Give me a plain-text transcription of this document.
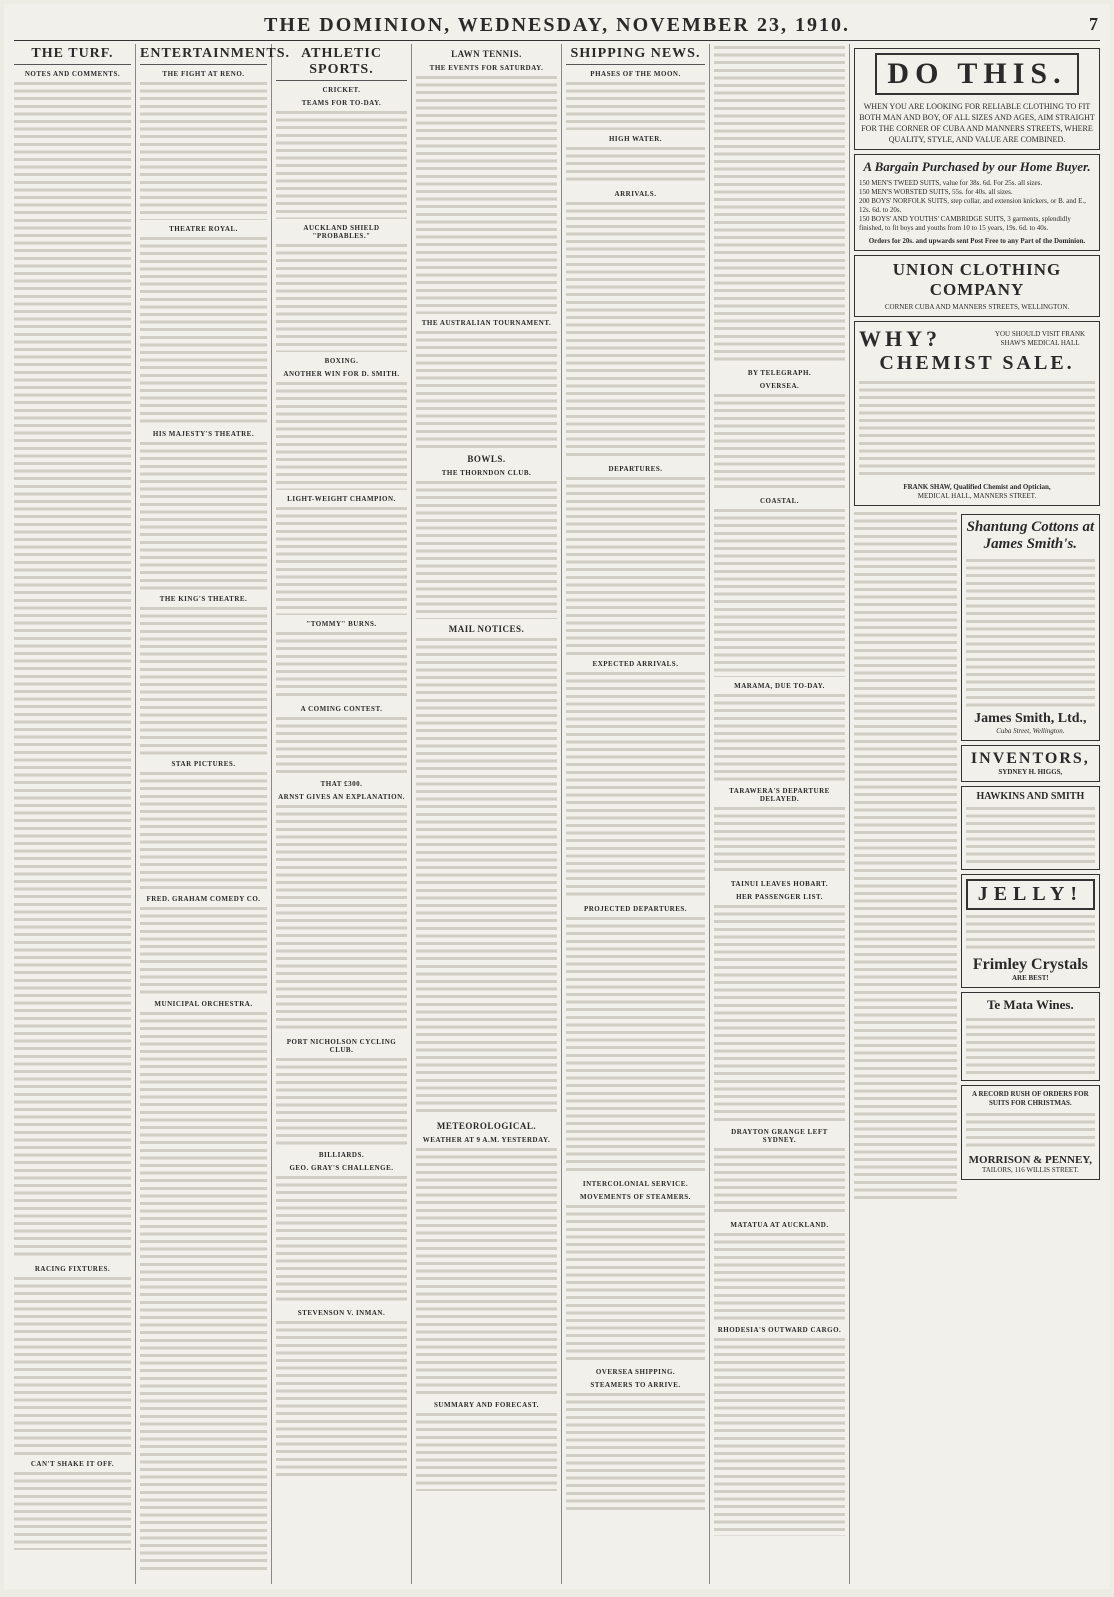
THE DOMINION, WEDNESDAY, NOVEMBER 23, 1910.	7
THE TURF.
NOTES AND COMMENTS.
RACING FIXTURES.
CAN'T SHAKE IT OFF.
ENTERTAINMENTS.
THE FIGHT AT RENO.
THEATRE ROYAL.
HIS MAJESTY'S THEATRE.
THE KING'S THEATRE.
STAR PICTURES.
FRED. GRAHAM COMEDY CO.
MUNICIPAL ORCHESTRA.
ATHLETIC SPORTS.
CRICKET.
TEAMS FOR TO-DAY.
AUCKLAND SHIELD "PROBABLES."
BOXING.
ANOTHER WIN FOR D. SMITH.
LIGHT-WEIGHT CHAMPION.
"TOMMY" BURNS.
A COMING CONTEST.
THAT £300.
ARNST GIVES AN EXPLANATION.
PORT NICHOLSON CYCLING CLUB.
BILLIARDS.
GEO. GRAY'S CHALLENGE.
STEVENSON V. INMAN.
LAWN TENNIS.
THE EVENTS FOR SATURDAY.
THE AUSTRALIAN TOURNAMENT.
BOWLS.
THE THORNDON CLUB.
MAIL NOTICES.
METEOROLOGICAL.
WEATHER AT 9 A.M. YESTERDAY.
SUMMARY AND FORECAST.
SHIPPING NEWS.
PHASES OF THE MOON.
HIGH WATER.
ARRIVALS.
DEPARTURES.
EXPECTED ARRIVALS.
PROJECTED DEPARTURES.
INTERCOLONIAL SERVICE.
MOVEMENTS OF STEAMERS.
OVERSEA SHIPPING.
STEAMERS TO ARRIVE.
BY TELEGRAPH.
OVERSEA.
COASTAL.
MARAMA, DUE TO-DAY.
TARAWERA'S DEPARTURE DELAYED.
TAINUI LEAVES HOBART.
HER PASSENGER LIST.
DRAYTON GRANGE LEFT SYDNEY.
MATATUA AT AUCKLAND.
RHODESIA'S OUTWARD CARGO.
DO THIS.
WHEN YOU ARE LOOKING FOR RELIABLE CLOTHING TO FIT BOTH MAN AND BOY, OF ALL SIZES AND AGES, AIM STRAIGHT FOR THE CORNER OF CUBA AND MANNERS STREETS, WHERE QUALITY, STYLE, AND VALUE ARE COMBINED.
A Bargain Purchased by our Home Buyer.
150 MEN'S TWEED SUITS, value for 38s. 6d. For 25s. all sizes.
150 MEN'S WORSTED SUITS, 55s. for 40s. all sizes.
200 BOYS' NORFOLK SUITS, step collar, and extension knickers, or B. and E., 12s. 6d. to 20s.
150 BOYS' AND YOUTHS' CAMBRIDGE SUITS, 3 garments, splendidly finished, to fit boys and youths from 10 to 15 years, 19s. 6d. to 40s.
Orders for 20s. and upwards sent Post Free to any Part of the Dominion.
UNION CLOTHING COMPANY
CORNER CUBA AND MANNERS STREETS, WELLINGTON.
WHY?	YOU SHOULD VISIT FRANK SHAW'S MEDICAL HALL
CHEMIST SALE.
FRANK SHAW, Qualified Chemist and Optician,
MEDICAL HALL, MANNERS STREET.
Shantung Cottons at James Smith's.
James Smith, Ltd.,
Cuba Street, Wellington.
INVENTORS,
SYDNEY H. HIGGS,
HAWKINS AND SMITH
JELLY!
Frimley Crystals
ARE BEST!
Te Mata Wines.
A RECORD RUSH OF ORDERS FOR SUITS FOR CHRISTMAS.
MORRISON & PENNEY,
TAILORS, 116 WILLIS STREET.
